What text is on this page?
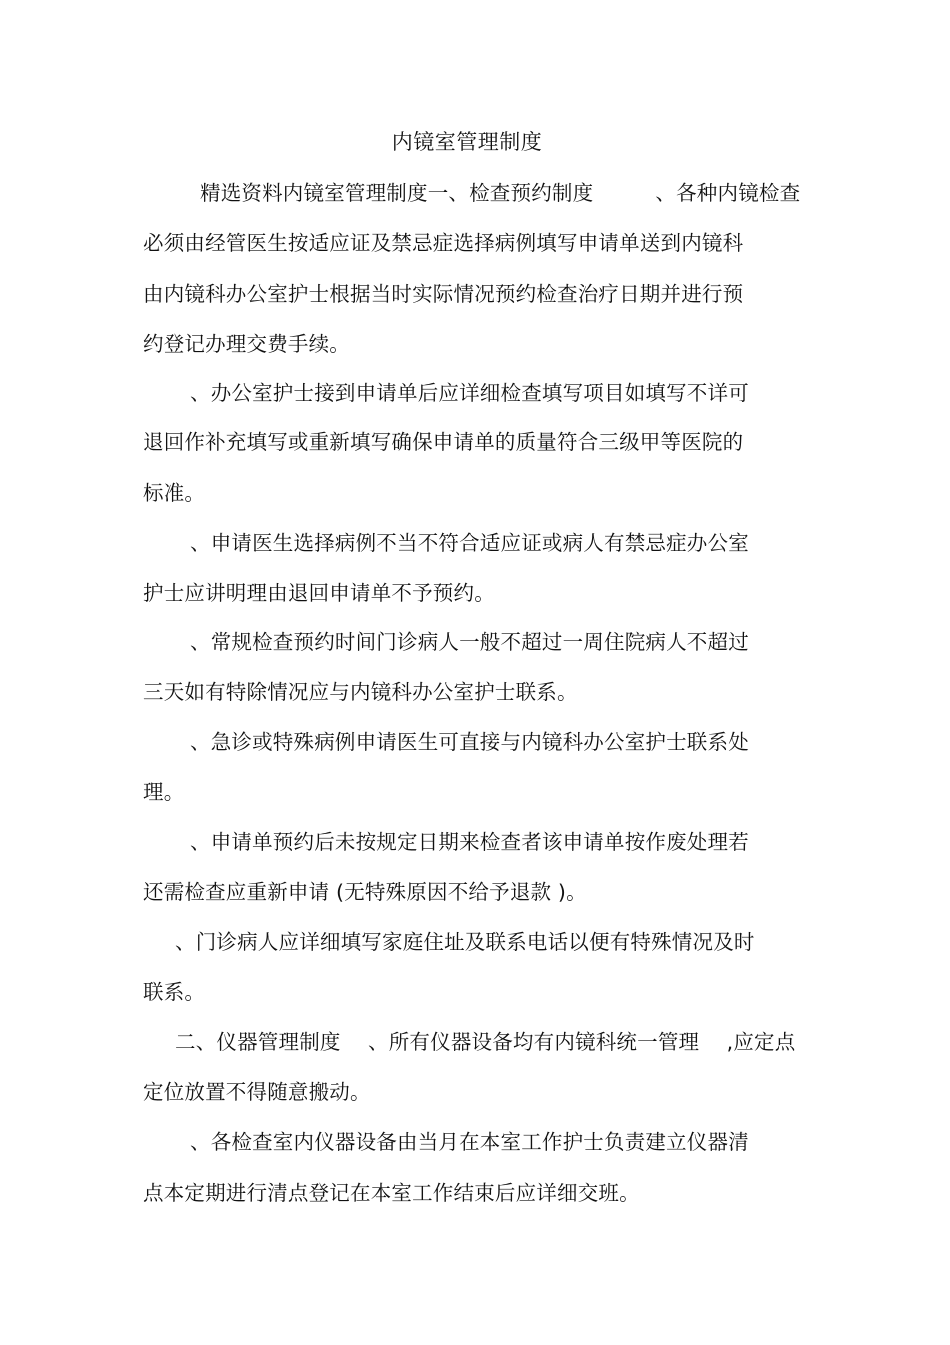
内镜室管理制度
精选资料内镜室管理制度一、检查预约制度　　　、各种内镜检查
必须由经管医生按适应证及禁忌症选择病例填写申请单送到内镜科
由内镜科办公室护士根据当时实际情况预约检查治疗日期并进行预
约登记办理交费手续。
、办公室护士接到申请单后应详细检查填写项目如填写不详可
退回作补充填写或重新填写确保申请单的质量符合三级甲等医院的
标准。
、申请医生选择病例不当不符合适应证或病人有禁忌症办公室
护士应讲明理由退回申请单不予预约。
、常规检查预约时间门诊病人一般不超过一周住院病人不超过
三天如有特除情况应与内镜科办公室护士联系。
、急诊或特殊病例申请医生可直接与内镜科办公室护士联系处
理。
、申请单预约后未按规定日期来检查者该申请单按作废处理若
还需检查应重新申请 (无特殊原因不给予退款 )。
、门诊病人应详细填写家庭住址及联系电话以便有特殊情况及时
联系。
二、仪器管理制度　 、所有仪器设备均有内镜科统一管理　 ,应定点
定位放置不得随意搬动。
、各检查室内仪器设备由当月在本室工作护士负责建立仪器清
点本定期进行清点登记在本室工作结束后应详细交班。
